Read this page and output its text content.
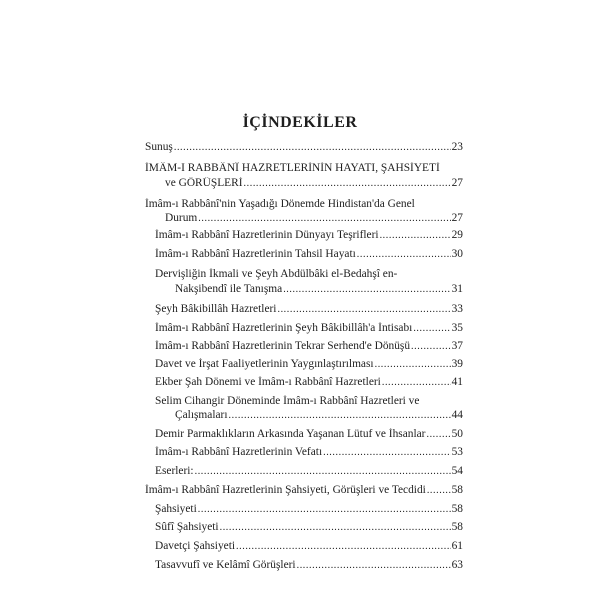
İÇİNDEKİLER
Sunuş .....	23
İMÂM-I RABBÂNÎ HAZRETLERİNİN HAYATI, ŞAHSİYETİ
ve GÖRÜŞLERİ .....	27
İmâm-ı Rabbânî'nin Yaşadığı Dönemde Hindistan'da Genel
Durum .....	27
İmâm-ı Rabbânî Hazretlerinin Dünyayı Teşrifleri .....	29
İmâm-ı Rabbânî Hazretlerinin Tahsil Hayatı .....	30
Dervişliğin İkmali ve Şeyh Abdülbâki el-Bedahşî en-
Nakşibendî ile Tanışma .....	31
Şeyh Bâkibillâh Hazretleri .....	33
İmâm-ı Rabbânî Hazretlerinin Şeyh Bâkibillâh'a İntisabı .....	35
İmâm-ı Rabbânî Hazretlerinin Tekrar Serhend'e Dönüşü .....	37
Davet ve İrşat Faaliyetlerinin Yaygınlaştırılması .....	39
Ekber Şah Dönemi ve İmâm-ı Rabbânî Hazretleri .....	41
Selim Cihangir Döneminde İmâm-ı Rabbânî Hazretleri ve
Çalışmaları .....	44
Demir Parmaklıkların Arkasında Yaşanan Lütuf ve İhsanlar ..... 50
İmâm-ı Rabbânî Hazretlerinin Vefatı .....	53
Eserleri: .....	54
İmâm-ı Rabbânî Hazretlerinin Şahsiyeti, Görüşleri ve Tecdidi ..... 58
Şahsiyeti .....	58
Sûfî Şahsiyeti .....	58
Davetçi Şahsiyeti .....	61
Tasavvufî ve Kelâmî Görüşleri .....	63
